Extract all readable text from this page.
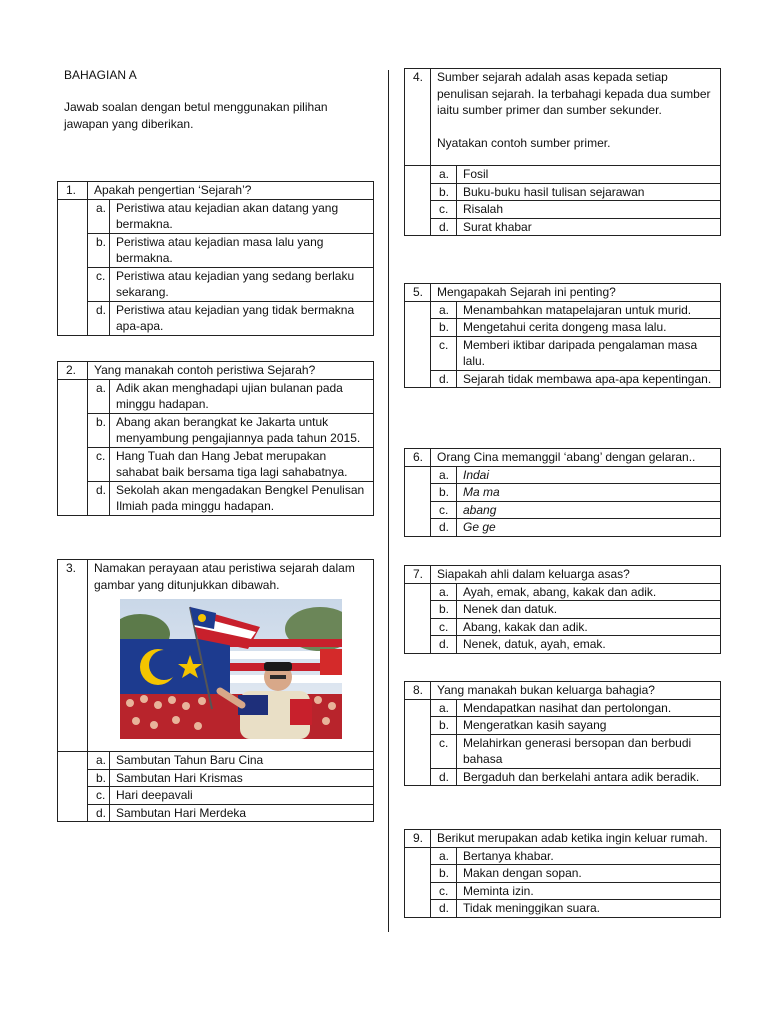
BAHAGIAN A
Jawab soalan dengan betul menggunakan pilihan jawapan yang diberikan.
1.	Apakah pengertian ‘Sejarah’?	
	a.	Peristiwa atau kejadian akan datang yang bermakna.
	b.	Peristiwa atau kejadian masa lalu yang bermakna.
	c.	Peristiwa atau kejadian yang sedang berlaku sekarang.
	d.	Peristiwa atau kejadian yang tidak bermakna apa-apa.
2.	Yang manakah contoh peristiwa Sejarah?	
	a.	Adik akan menghadapi ujian bulanan pada minggu hadapan.
	b.	Abang akan berangkat ke Jakarta untuk menyambung pengajiannya pada tahun 2015.
	c.	Hang Tuah dan Hang Jebat merupakan sahabat baik bersama tiga lagi sahabatnya.
	d.	Sekolah akan mengadakan Bengkel Penulisan Ilmiah pada minggu hadapan.
3.	Namakan perayaan atau peristiwa sejarah dalam gambar yang ditunjukkan dibawah.	

	a.	Sambutan Tahun Baru Cina
	b.	Sambutan Hari Krismas
	c.	Hari deepavali
	d.	Sambutan Hari Merdeka
4.	Sumber sejarah adalah asas kepada setiap penulisan sejarah. Ia terbahagi kepada dua sumber iaitu sumber primer dan sumber sekunder.
Nyatakan contoh sumber primer.	

	a.	Fosil
	b.	Buku-buku hasil tulisan sejarawan
	c.	Risalah
	d.	Surat khabar
5.	Mengapakah Sejarah ini penting?	
	a.	Menambahkan matapelajaran untuk murid.
	b.	Mengetahui cerita dongeng masa lalu.
	c.	Memberi iktibar daripada pengalaman masa lalu.
	d.	Sejarah tidak membawa apa-apa kepentingan.
6.	Orang Cina memanggil ‘abang’ dengan gelaran..	
	a.	Indai
	b.	Ma ma
	c.	abang
	d.	Ge ge
7.	Siapakah ahli dalam keluarga asas?	
	a.	Ayah, emak, abang, kakak dan adik.
	b.	Nenek dan datuk.
	c.	Abang, kakak dan adik.
	d.	Nenek, datuk, ayah, emak.
8.	Yang manakah bukan keluarga bahagia?	
	a.	Mendapatkan nasihat dan pertolongan.
	b.	Mengeratkan kasih sayang
	c.	Melahirkan generasi bersopan dan berbudi bahasa
	d.	Bergaduh dan berkelahi antara adik beradik.
9.	Berikut merupakan adab ketika ingin keluar rumah.	
	a.	Bertanya khabar.
	b.	Makan dengan sopan.
	c.	Meminta izin.
	d.	Tidak meninggikan suara.
